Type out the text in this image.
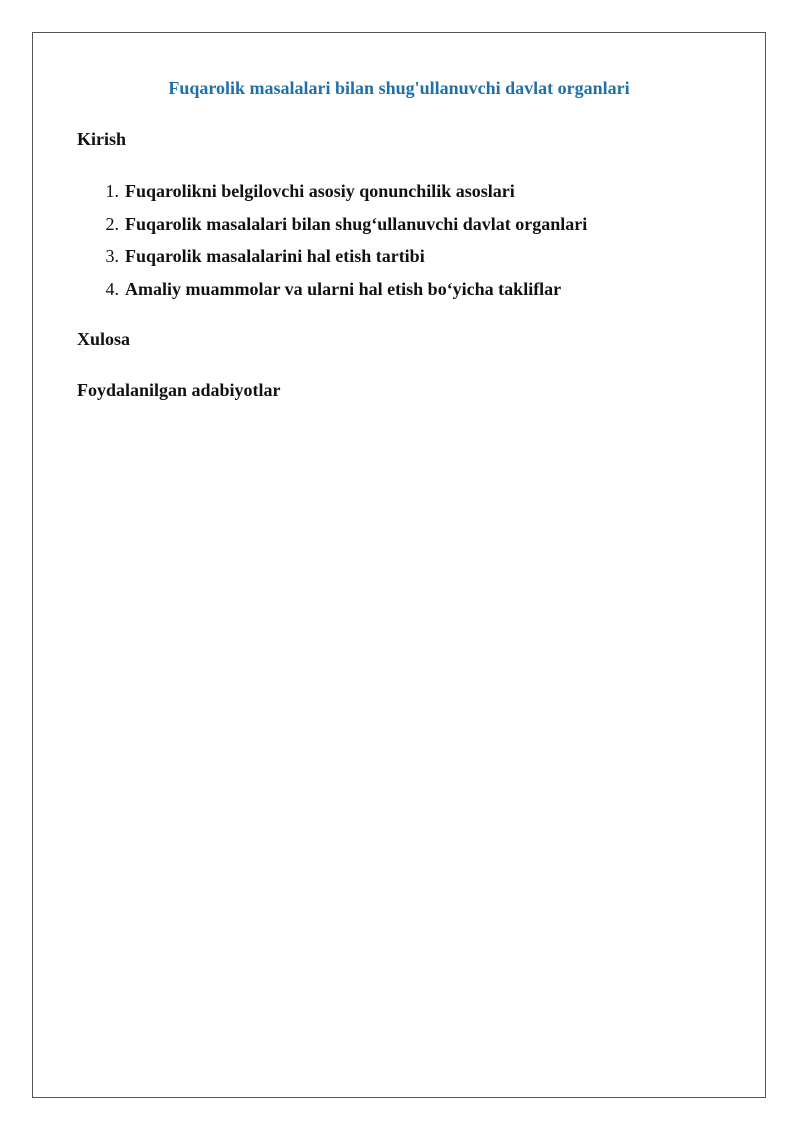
Fuqarolik masalalari bilan shug'ullanuvchi davlat organlari

Kirish

1. Fuqarolikni belgilovchi asosiy qonunchilik asoslari
2. Fuqarolik masalalari bilan shug‘ullanuvchi davlat organlari
3. Fuqarolik masalalarini hal etish tartibi
4. Amaliy muammolar va ularni hal etish bo‘yicha takliflar

Xulosa

Foydalanilgan adabiyotlar
